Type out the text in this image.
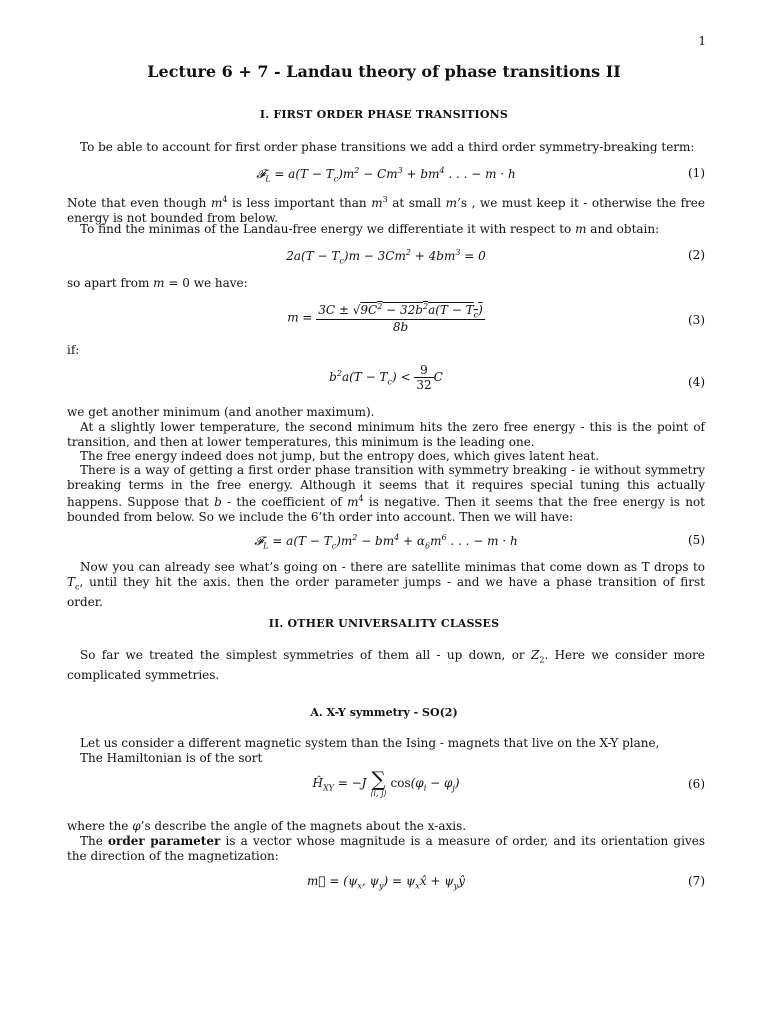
1
Lecture 6 + 7 - Landau theory of phase transitions II
I. FIRST ORDER PHASE TRANSITIONS
To be able to account for first order phase transitions we add a third order symmetry-breaking term:
𝓕$_L$ = $a(T - T_c)m^2 - Cm^3 + bm^4$ . . . − m · h	(1)
Note that even though $m^4$ is less important than $m^3$ at small m’s , we must keep it - otherwise the free energy is not bounded from below.
To find the minimas of the Landau-free energy we differentiate it with respect to m and obtain:
$2a(T - T_c)m - 3Cm^2 + 4bm^3 = 0$	(2)
so apart from m = 0 we have:
$m = \frac{3C \pm √9C^2 - 32b^2a(T - T_c)}{8b}$	(3)
if:
$b^2a(T - T_c) < \frac{9}{32}$ C	(4)
we get another minimum (and another maximum).
At a slightly lower temperature, the second minimum hits the zero free energy - this is the point of transition, and then at lower temperatures, this minimum is the leading one.
The free energy indeed does not jump, but the entropy does, which gives latent heat.
There is a way of getting a first order phase transition with symmetry breaking - ie without symmetry breaking terms in the free energy. Although it seems that it requires special tuning this actually happens. Suppose that b - the coefficient of $m^4$ is negative. Then it seems that the free energy is not bounded from below. So we include the 6’th order into account. Then we will have:
𝓕$_L$ = $a(T - T_c)m^2 - bm^4 + \alpha_6m^6$ . . . − m · h	(5)
Now you can already see what’s going on - there are satellite minimas that come down as T drops to $T_c$, until they hit the axis. then the order parameter jumps - and we have a phase transition of first order.
II. OTHER UNIVERSALITY CLASSES
So far we treated the simplest symmetries of them all - up down, or $Z_2$. Here we consider more complicated symmetries.
A. X-Y symmetry - SO(2)
Let us consider a different magnetic system than the Ising - magnets that live on the X-Y plane,
The Hamiltonian is of the sort
$Ĥ_{XY} = -J$ ∑
⟨i, j⟩
$\cos(\varphi_i - \varphi_j)$	(6)
where the φ’s describe the angle of the magnets about the x-axis.
The order parameter is a vector whose magnitude is a measure of order, and its orientation gives the direction of the magnetization:
m⃗ = ($\psi_x$, $\psi_y$) = $\psi_xx̂$ + $\psi_yŷ$	(7)
